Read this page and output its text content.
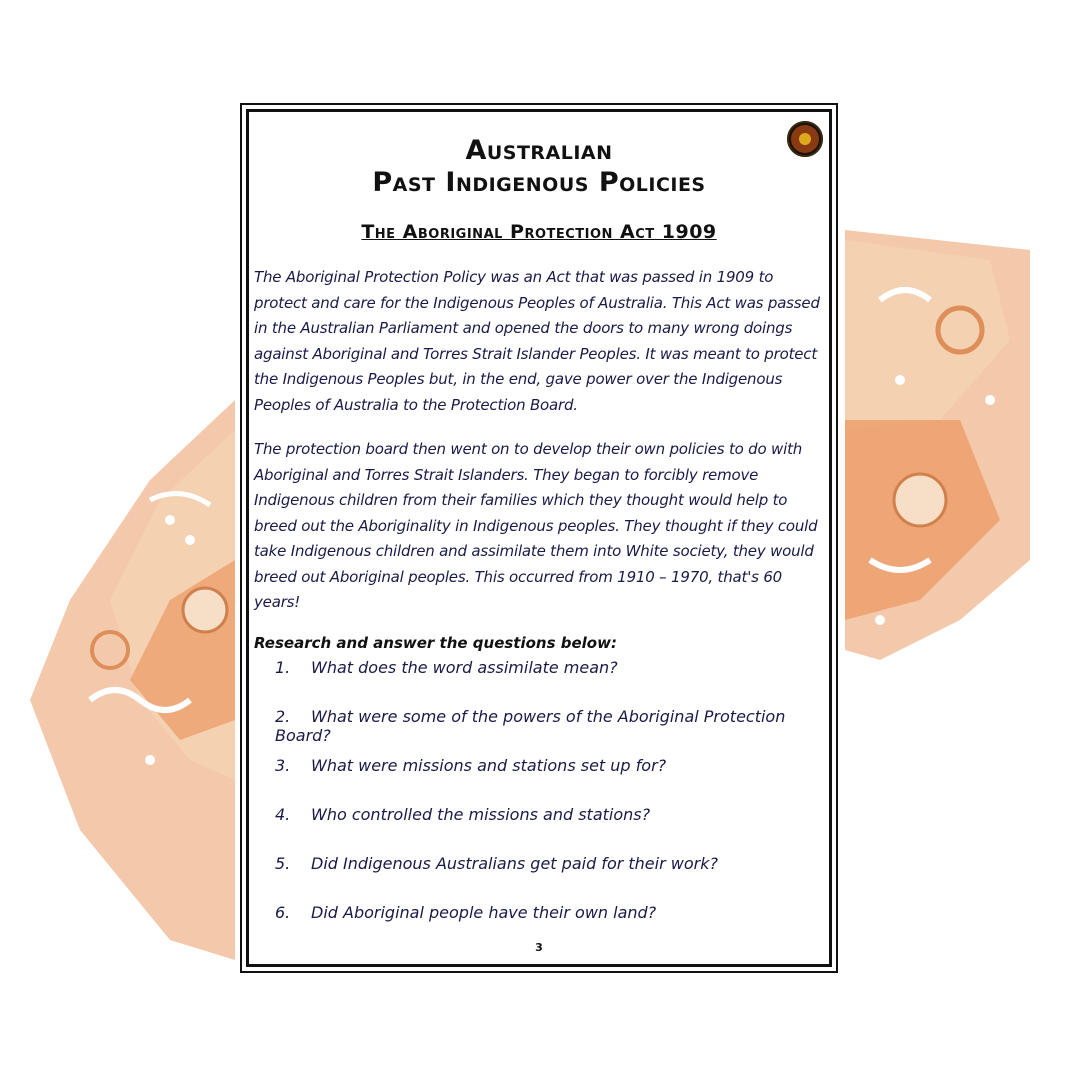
Australian
Past Indigenous Policies
The Aboriginal Protection Act 1909

The Aboriginal Protection Policy was an Act that was passed in 1909 to protect and care for the Indigenous Peoples of Australia. This Act was passed in the Australian Parliament and opened the doors to many wrong doings against Aboriginal and Torres Strait Islander Peoples. It was meant to protect the Indigenous Peoples but, in the end, gave power over the Indigenous Peoples of Australia to the Protection Board.

The protection board then went on to develop their own policies to do with Aboriginal and Torres Strait Islanders. They began to forcibly remove Indigenous children from their families which they thought would help to breed out the Aboriginality in Indigenous peoples. They thought if they could take Indigenous children and assimilate them into White society, they would breed out Aboriginal peoples. This occurred from 1910 – 1970, that's 60 years!

Research and answer the questions below:
1. What does the word assimilate mean?
2. What were some of the powers of the Aboriginal Protection Board?
3. What were missions and stations set up for?
4. Who controlled the missions and stations?
5. Did Indigenous Australians get paid for their work?
6. Did Aboriginal people have their own land?
3
